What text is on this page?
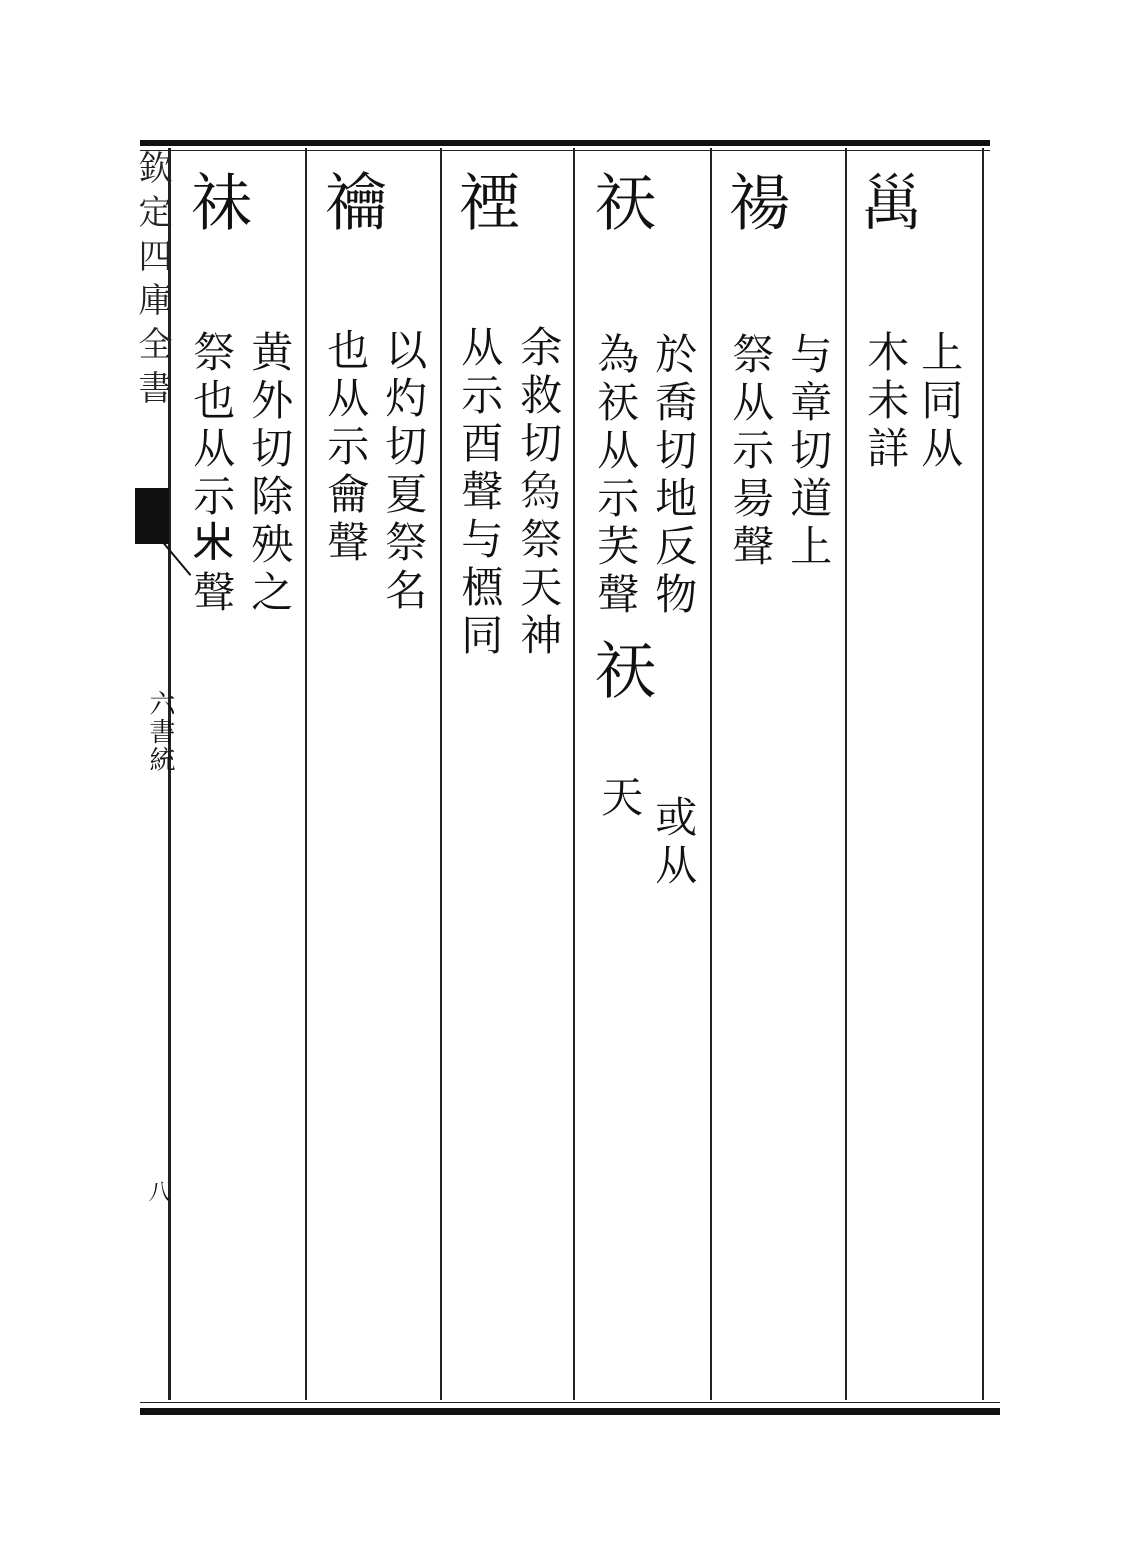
欽定四庫全書
六書統
八
𥜿
上同从
木未詳
禓
与章切道上
祭从示昜聲
祆
於喬切地反物
為祆从示芺聲
祆
或从
天
禋
余救切𤉢祭天神
从示酉聲与槱同
禴
以灼切夏祭名
也从示龠聲
祙
黄外切除殃之
祭也从示𣎵聲
